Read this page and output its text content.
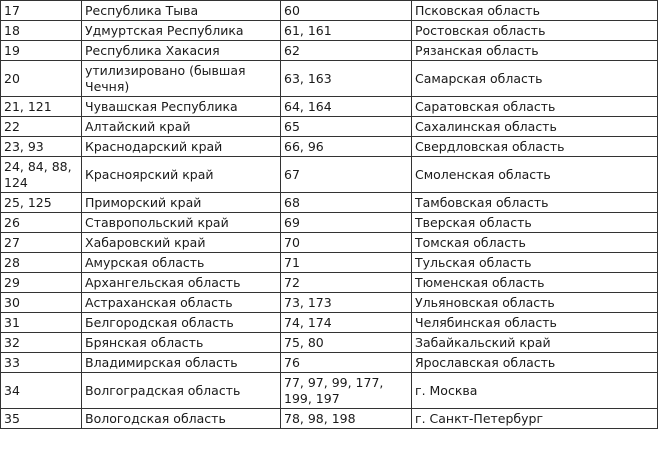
17	Республика Тыва	60	Псковская область
18	Удмуртская Республика	61, 161	Ростовская область
19	Республика Хакасия	62	Рязанская область
20	утилизировано (бывшая Чечня)	63, 163	Самарская область
21, 121	Чувашская Республика	64, 164	Саратовская область
22	Алтайский край	65	Сахалинская область
23, 93	Краснодарский край	66, 96	Свердловская область
24, 84, 88, 124	Красноярский край	67	Смоленская область
25, 125	Приморский край	68	Тамбовская область
26	Ставропольский край	69	Тверская область
27	Хабаровский край	70	Томская область
28	Амурская область	71	Тульская область
29	Архангельская область	72	Тюменская область
30	Астраханская область	73, 173	Ульяновская область
31	Белгородская область	74, 174	Челябинская область
32	Брянская область	75, 80	Забайкальский край
33	Владимирская область	76	Ярославская область
34	Волгоградская область	77, 97, 99, 177, 199, 197	г. Москва
35	Вологодская область	78, 98, 198	г. Санкт-Петербург
